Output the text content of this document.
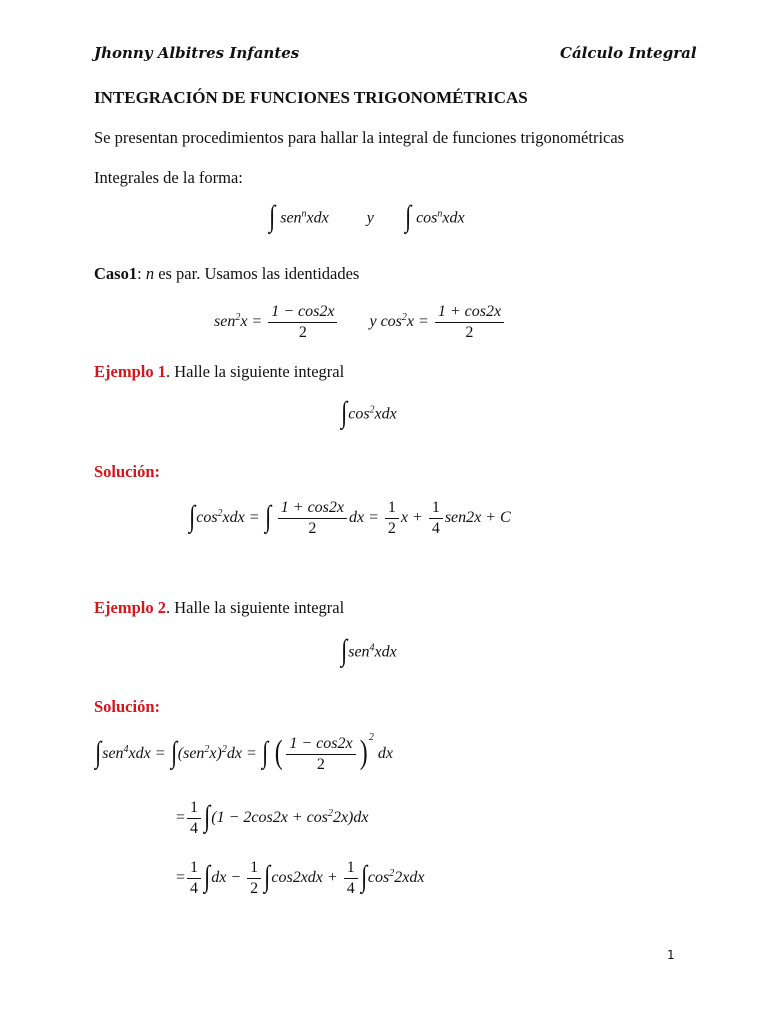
Jhonny Albitres Infantes	Cálculo Integral
INTEGRACIÓN DE FUNCIONES TRIGONOMÉTRICAS
Se presentan procedimientos para hallar la integral de funciones trigonométricas
Integrales de la forma:
∫ sen$^n$xdx y ∫ $\cos^nxdx$
Caso1: n es par. Usamos las identidades
$sen^2x = \frac{1 - \cos 2x}{2}$ y $\cos^2x = \frac{1 + \cos 2x}{2}$
Ejemplo 1. Halle la siguiente integral
$\int\cos^2xdx$
Solución:
$\int\cos^2xdx$ = ∫ $\frac{1 + \cos 2x}{2}$ dx = $\frac{1}{2}$ $x + \frac{1}{4} sen2x + C$
Ejemplo 2. Halle la siguiente integral
∫sen$^4$xdx
Solución:
$\int sen^4xdx = \int(sen^2x)^2dx$ = ∫ ( $\frac{1 - \cos 2x}{2}$ ) $^2$ dx
= $\frac{1}{4} \int(1 - 2\cos 2x + \cos^22x)dx$
= $\frac{1}{4} \int dx - \frac{1}{2} \int\cos 2xdx + \frac{1}{4} \int\cos^22xdx$
1
